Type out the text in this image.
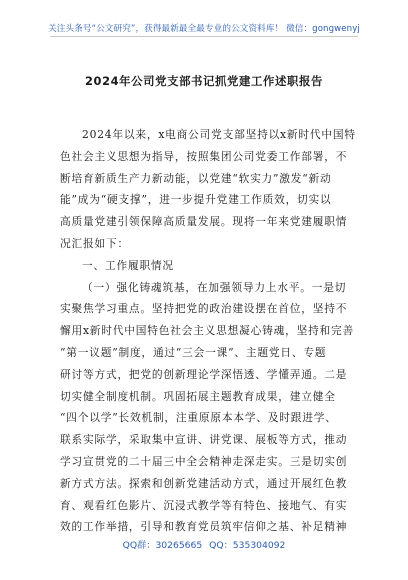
关注头条号“公文研究”，获得最新最全最专业的公文资料库！ 微信：gongwenyj
2024年公司党支部书记抓党建工作述职报告
2024年以来，x电商公司党支部坚持以x新时代中国特
色社会主义思想为指导，按照集团公司党委工作部署，不
断培育新质生产力新动能，以党建“软实力”激发“新动
能”成为“硬支撑”，进一步提升党建工作质效，切实以
高质量党建引领保障高质量发展。现将一年来党建履职情
况汇报如下：
一、工作履职情况
（一）强化铸魂筑基，在加强领导力上水平。一是切
实聚焦学习重点。坚持把党的政治建设摆在首位，坚持不
懈用x新时代中国特色社会主义思想凝心铸魂，坚持和完善
“第一议题”制度，通过“三会一课”、主题党日、专题
研讨等方式，把党的创新理论学深悟透、学懂弄通。二是
切实健全制度机制。巩固拓展主题教育成果，建立健全
“四个以学”长效机制，注重原原本本学、及时跟进学、
联系实际学，采取集中宣讲、讲党课、展板等方式，推动
学习宣贯党的二十届三中全会精神走深走实。三是切实创
新方式方法。探索和创新党建活动方式，通过开展红色教
育、观看红色影片、沉浸式教学等有特色、接地气、有实
效的工作举措，引导和教育党员筑牢信仰之基、补足精神
QQ群：30265665 QQ：535304092
